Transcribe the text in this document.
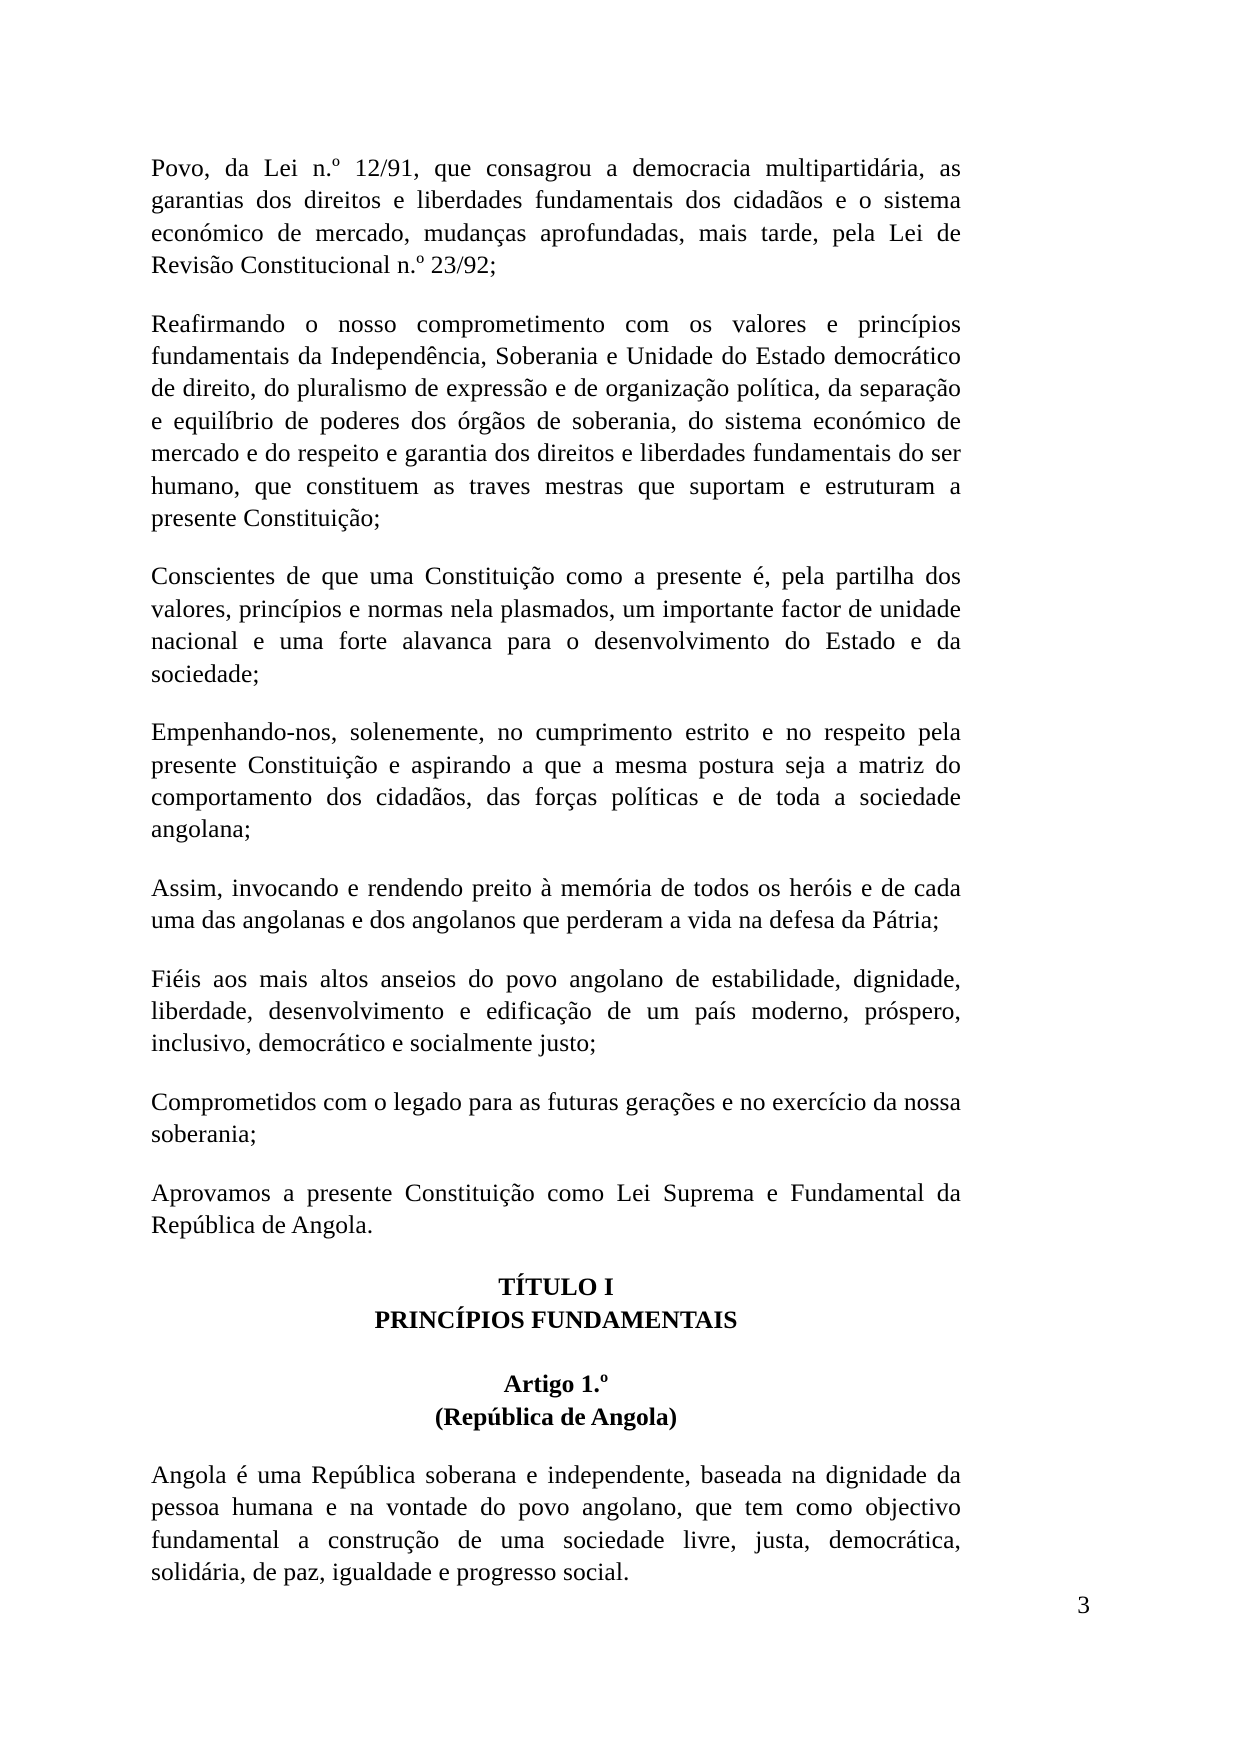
Povo, da Lei n.º 12/91, que consagrou a democracia multipartidária, as garantias dos direitos e liberdades fundamentais dos cidadãos e o sistema económico de mercado, mudanças aprofundadas, mais tarde, pela Lei de Revisão Constitucional n.º 23/92;

Reafirmando o nosso comprometimento com os valores e princípios fundamentais da Independência, Soberania e Unidade do Estado democrático de direito, do pluralismo de expressão e de organização política, da separação e equilíbrio de poderes dos órgãos de soberania, do sistema económico de mercado e do respeito e garantia dos direitos e liberdades fundamentais do ser humano, que constituem as traves mestras que suportam e estruturam a presente Constituição;

Conscientes de que uma Constituição como a presente é, pela partilha dos valores, princípios e normas nela plasmados, um importante factor de unidade nacional e uma forte alavanca para o desenvolvimento do Estado e da sociedade;

Empenhando-nos, solenemente, no cumprimento estrito e no respeito pela presente Constituição e aspirando a que a mesma postura seja a matriz do comportamento dos cidadãos, das forças políticas e de toda a sociedade angolana;

Assim, invocando e rendendo preito à memória de todos os heróis e de cada uma das angolanas e dos angolanos que perderam a vida na defesa da Pátria;

Fiéis aos mais altos anseios do povo angolano de estabilidade, dignidade, liberdade, desenvolvimento e edificação de um país moderno, próspero, inclusivo, democrático e socialmente justo;

Comprometidos com o legado para as futuras gerações e no exercício da nossa soberania;

Aprovamos a presente Constituição como Lei Suprema e Fundamental da República de Angola.

TÍTULO I
PRINCÍPIOS FUNDAMENTAIS
Artigo 1.º
(República de Angola)

Angola é uma República soberana e independente, baseada na dignidade da pessoa humana e na vontade do povo angolano, que tem como objectivo fundamental a construção de uma sociedade livre, justa, democrática, solidária, de paz, igualdade e progresso social.

3
